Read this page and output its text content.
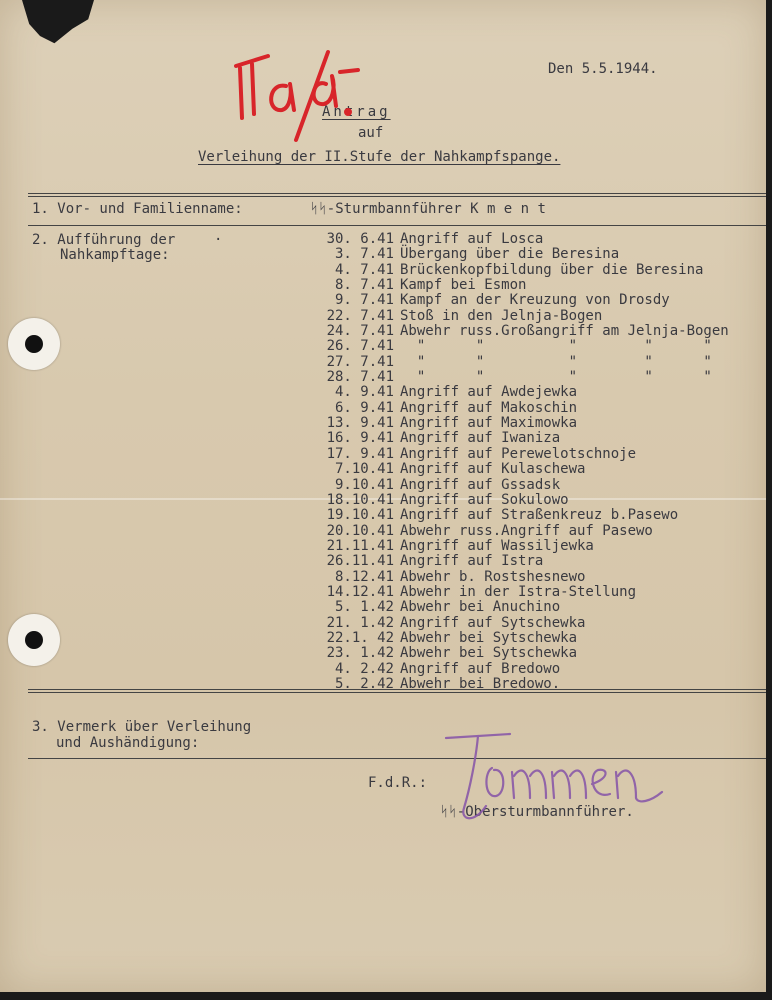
Den 5.5.1944.
Antrag
auf
Verleihung der II.Stufe der Nahkampfspange.
1. Vor- und Familienname:	ᛋᛋ-Sturmbannführer K m e n t
2. Aufführung der
Nahkampftage:
·	30. 6.41 Angriff auf Losca
3. 7.41 Übergang über die Beresina
4. 7.41 Brückenkopfbildung über die Beresina
8. 7.41 Kampf bei Esmon
9. 7.41 Kampf an der Kreuzung von Drosdy
22. 7.41 Stoß in den Jelnja-Bogen
24. 7.41 Abwehr russ.Großangriff am Jelnja-Bogen
26. 7.41 "      "          "        "      "
27. 7.41 "      "          "        "      "
28. 7.41 "      "          "        "      "
4. 9.41 Angriff auf Awdejewka
6. 9.41 Angriff auf Makoschin
13. 9.41 Angriff auf Maximowka
16. 9.41 Angriff auf Iwaniza
17. 9.41 Angriff auf Perewelotschnoje
7.10.41 Angriff auf Kulaschewa
9.10.41 Angriff auf Gssadsk
18.10.41 Angriff auf Sokulowo
19.10.41 Angriff auf Straßenkreuz b.Pasewo
20.10.41 Abwehr russ.Angriff auf Pasewo
21.11.41 Angriff auf Wassiljewka
26.11.41 Angriff auf Istra
8.12.41 Abwehr b. Rostshesnewo
14.12.41 Abwehr in der Istra-Stellung
5. 1.42 Abwehr bei Anuchino
21. 1.42 Angriff auf Sytschewka
22.1. 42 Abwehr bei Sytschewka
23. 1.42 Abwehr bei Sytschewka
4. 2.42 Angriff auf Bredowo
5. 2.42 Abwehr bei Bredowo.
3. Vermerk über Verleihung
und Aushändigung:
F.d.R.:
ᛋᛋ-Obersturmbannführer.
